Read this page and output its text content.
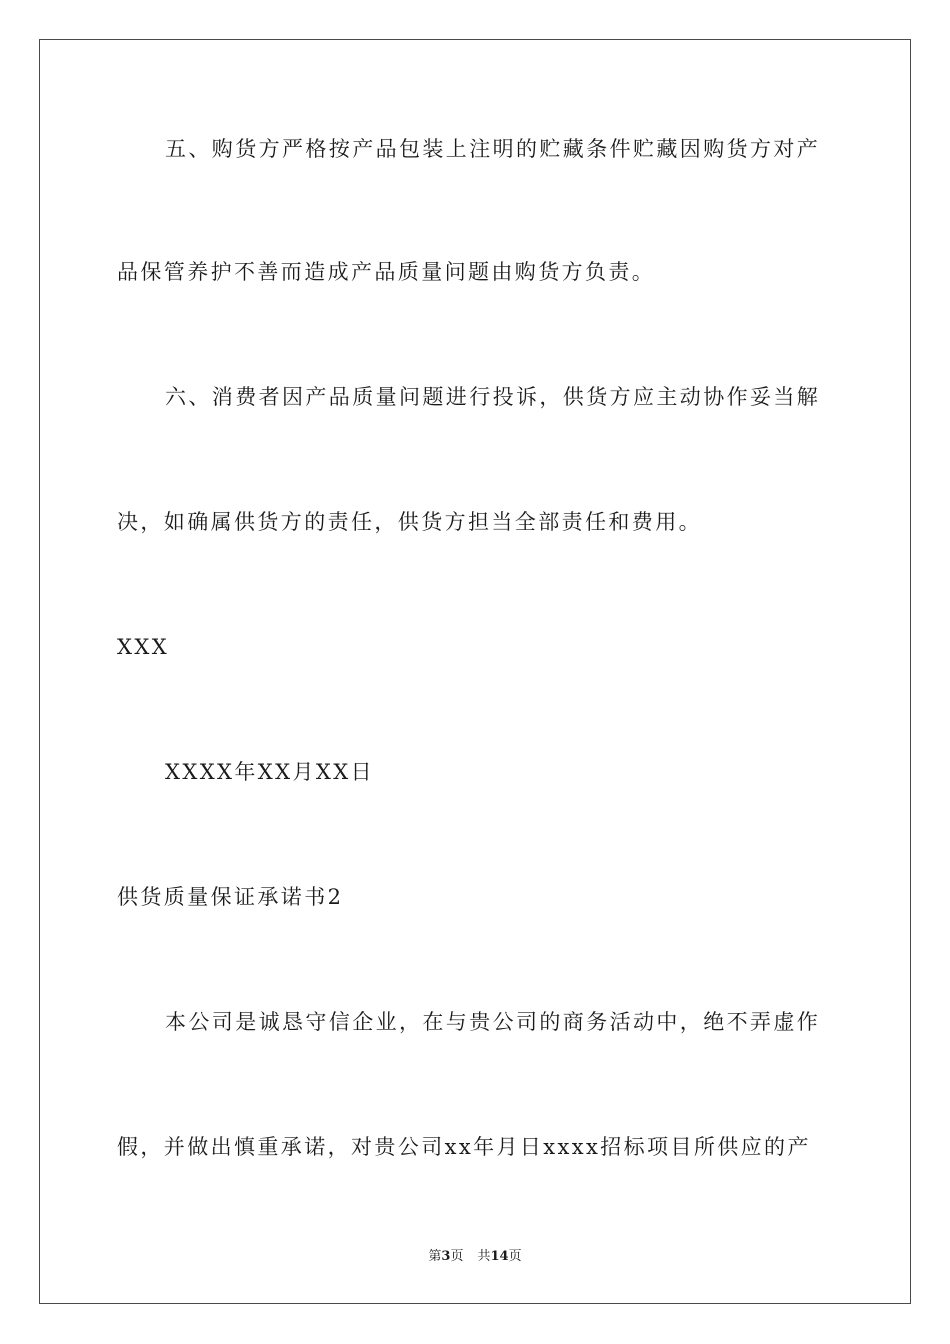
五、购货方严格按产品包装上注明的贮藏条件贮藏因购货方对产
品保管养护不善而造成产品质量问题由购货方负责。
六、消费者因产品质量问题进行投诉，供货方应主动协作妥当解
决，如确属供货方的责任，供货方担当全部责任和费用。
XXX
XXXX年XX月XX日
供货质量保证承诺书2
本公司是诚恳守信企业，在与贵公司的商务活动中，绝不弄虚作
假，并做出慎重承诺，对贵公司xx年月日xxxx招标项目所供应的产
第3页 共14页
